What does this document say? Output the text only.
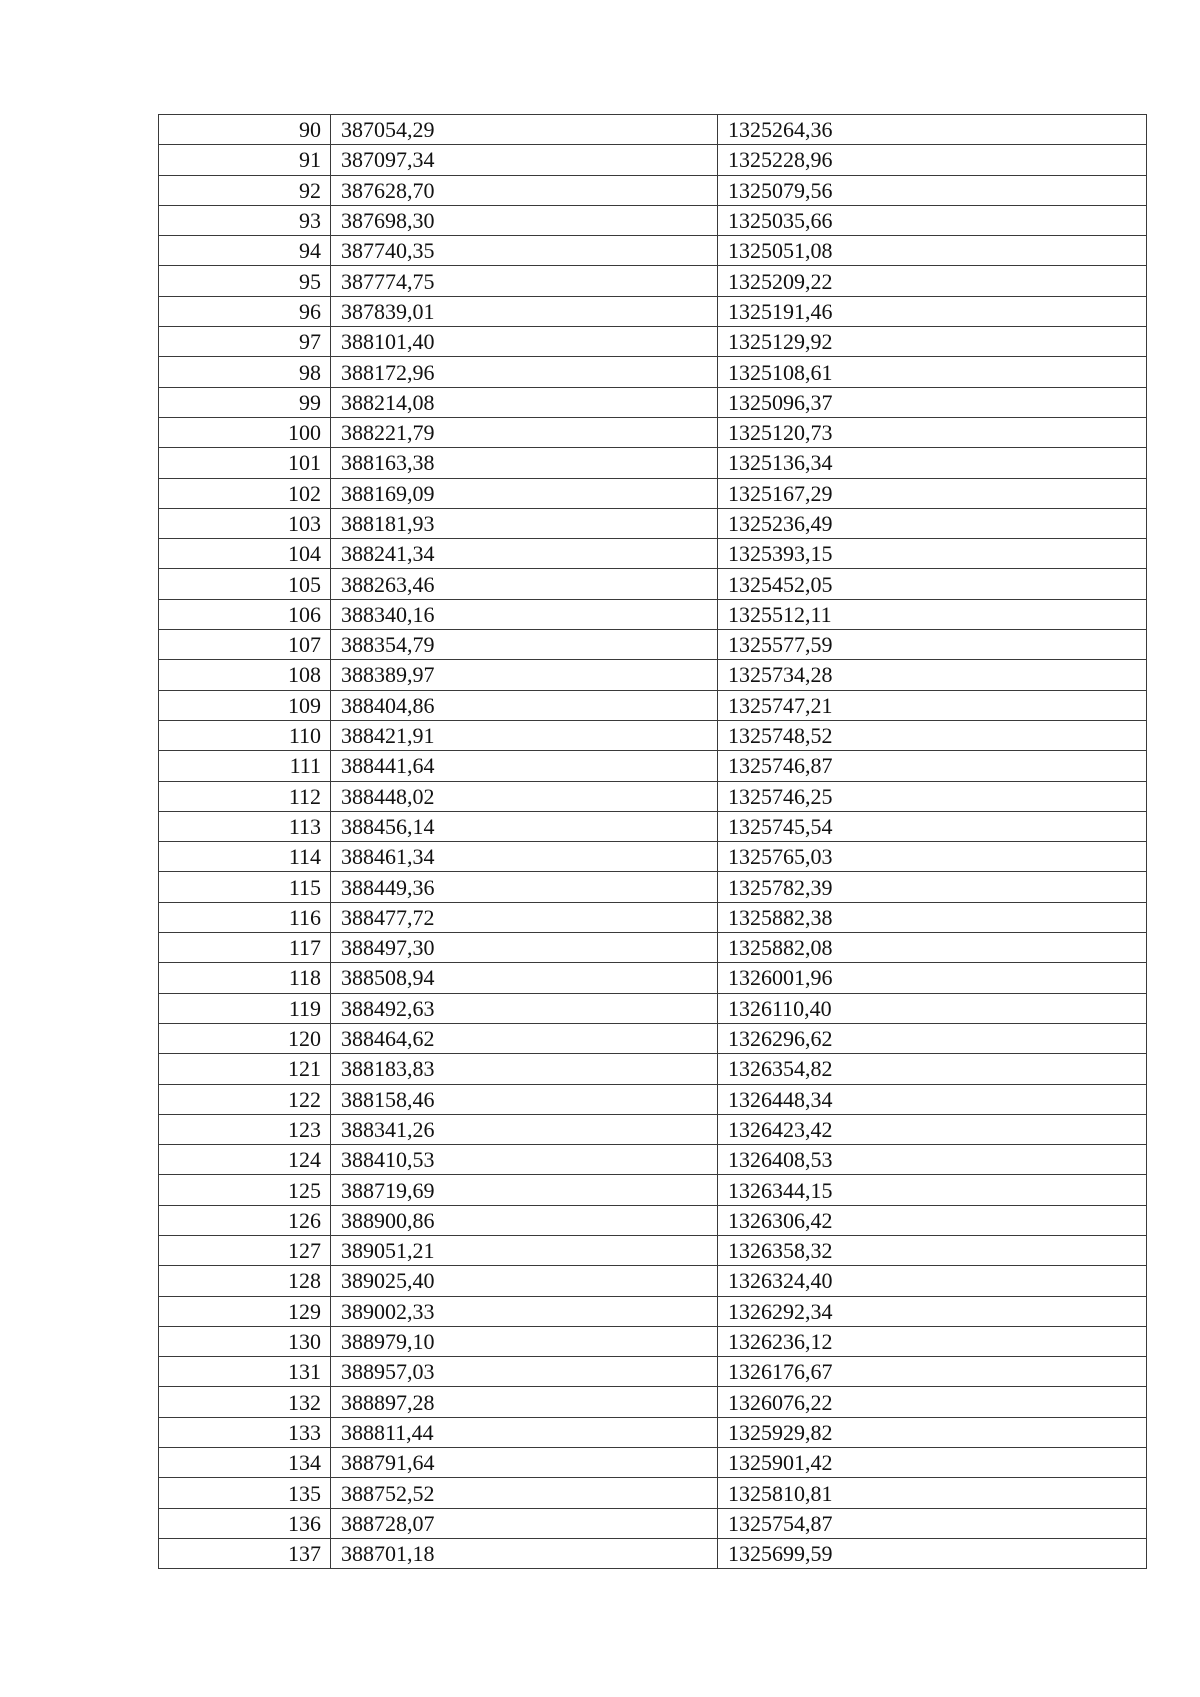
90	387054,29	1325264,36
91	387097,34	1325228,96
92	387628,70	1325079,56
93	387698,30	1325035,66
94	387740,35	1325051,08
95	387774,75	1325209,22
96	387839,01	1325191,46
97	388101,40	1325129,92
98	388172,96	1325108,61
99	388214,08	1325096,37
100	388221,79	1325120,73
101	388163,38	1325136,34
102	388169,09	1325167,29
103	388181,93	1325236,49
104	388241,34	1325393,15
105	388263,46	1325452,05
106	388340,16	1325512,11
107	388354,79	1325577,59
108	388389,97	1325734,28
109	388404,86	1325747,21
110	388421,91	1325748,52
111	388441,64	1325746,87
112	388448,02	1325746,25
113	388456,14	1325745,54
114	388461,34	1325765,03
115	388449,36	1325782,39
116	388477,72	1325882,38
117	388497,30	1325882,08
118	388508,94	1326001,96
119	388492,63	1326110,40
120	388464,62	1326296,62
121	388183,83	1326354,82
122	388158,46	1326448,34
123	388341,26	1326423,42
124	388410,53	1326408,53
125	388719,69	1326344,15
126	388900,86	1326306,42
127	389051,21	1326358,32
128	389025,40	1326324,40
129	389002,33	1326292,34
130	388979,10	1326236,12
131	388957,03	1326176,67
132	388897,28	1326076,22
133	388811,44	1325929,82
134	388791,64	1325901,42
135	388752,52	1325810,81
136	388728,07	1325754,87
137	388701,18	1325699,59
